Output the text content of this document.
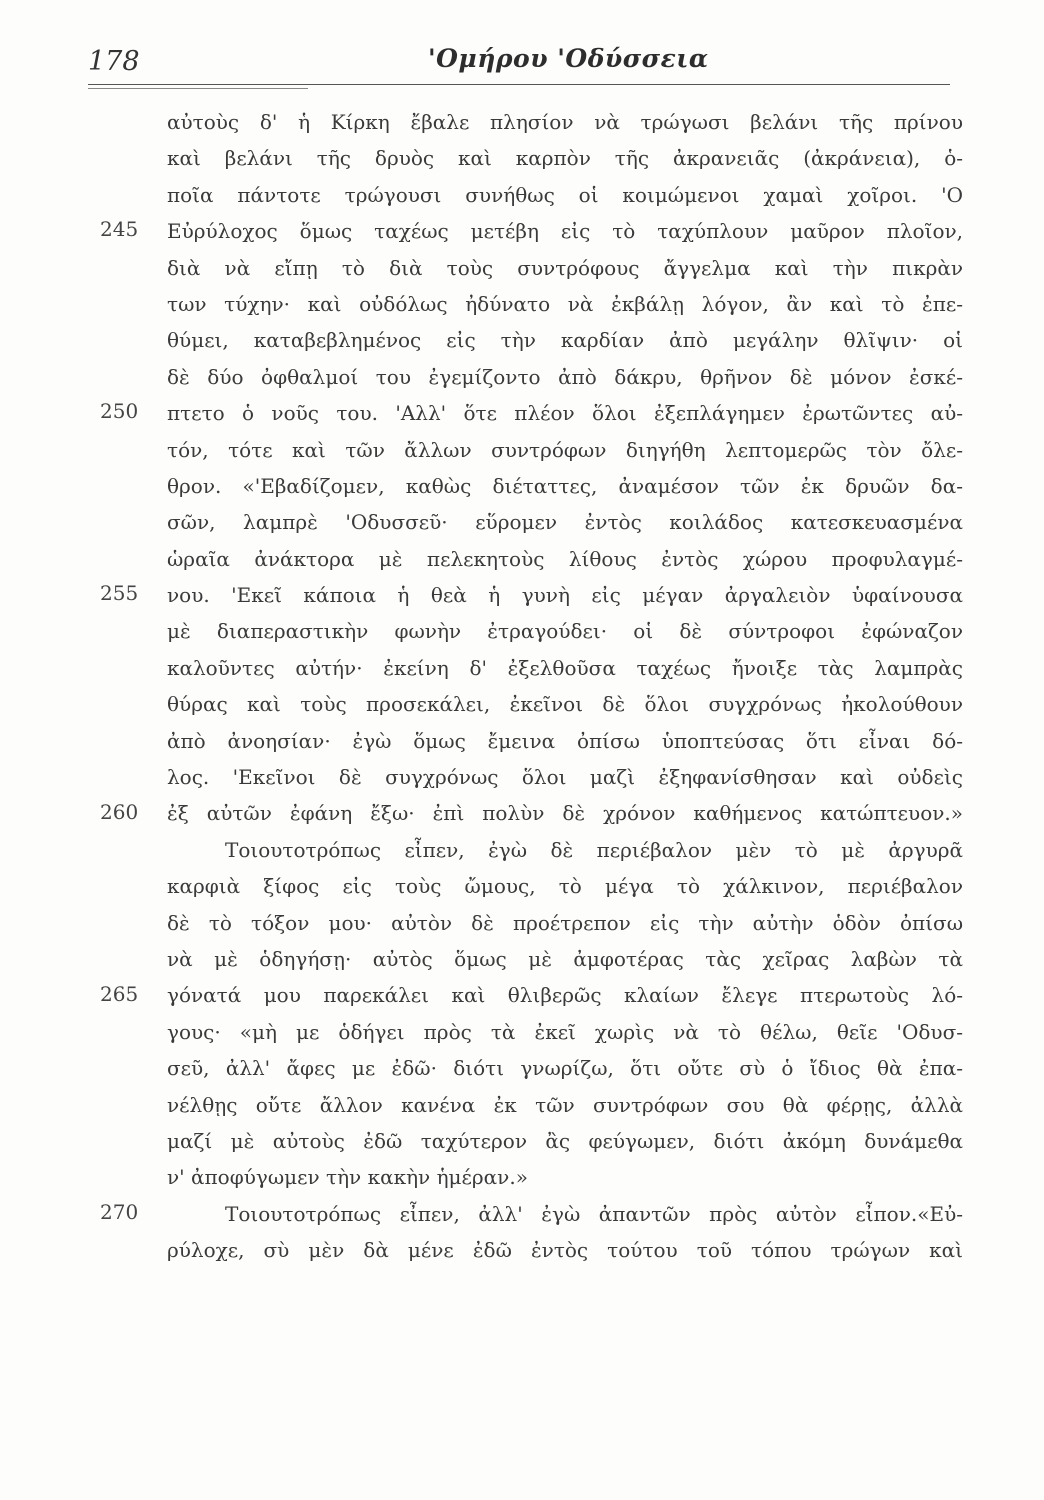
178	'Ομήρου 'Οδύσσεια
245
250
255
260
265
270
αὐτοὺς δ' ἡ Κίρκη ἔβαλε πλησίον νὰ τρώγωσι βελάνι τῆς πρίνου
καὶ βελάνι τῆς δρυὸς καὶ καρπὸν τῆς ἀκρανειᾶς (ἀκράνεια), ὁ-
ποῖα πάντοτε τρώγουσι συνήθως οἱ κοιμώμενοι χαμαὶ χοῖροι. 'Ο
Εὐρύλοχος ὅμως ταχέως μετέβη εἰς τὸ ταχύπλουν μαῦρον πλοῖον,
διὰ νὰ εἴπῃ τὸ διὰ τοὺς συντρόφους ἄγγελμα καὶ τὴν πικρὰν
των τύχην· καὶ οὐδόλως ἠδύνατο νὰ ἐκβάλῃ λόγον, ἂν καὶ τὸ ἐπε-
θύμει, καταβεβλημένος εἰς τὴν καρδίαν ἀπὸ μεγάλην θλῖψιν· οἱ
δὲ δύο ὀφθαλμοί του ἐγεμίζοντο ἀπὸ δάκρυ, θρῆνον δὲ μόνον ἐσκέ-
πτετο ὁ νοῦς του. 'Αλλ' ὅτε πλέον ὅλοι ἐξεπλάγημεν ἐρωτῶντες αὐ-
τόν, τότε καὶ τῶν ἄλλων συντρόφων διηγήθη λεπτομερῶς τὸν ὄλε-
θρον. «'Εβαδίζομεν, καθὼς διέταττες, ἀναμέσον τῶν ἐκ δρυῶν δα-
σῶν, λαμπρὲ 'Οδυσσεῦ· εὕρομεν ἐντὸς κοιλάδος κατεσκευασμένα
ὡραῖα ἀνάκτορα μὲ πελεκητοὺς λίθους ἐντὸς χώρου προφυλαγμέ-
νου. 'Εκεῖ κάποια ἡ θεὰ ἡ γυνὴ εἰς μέγαν ἀργαλειὸν ὑφαίνουσα
μὲ διαπεραστικὴν φωνὴν ἐτραγούδει· οἱ δὲ σύντροφοι ἐφώναζον
καλοῦντες αὐτήν· ἐκείνη δ' ἐξελθοῦσα ταχέως ἤνοιξε τὰς λαμπρὰς
θύρας καὶ τοὺς προσεκάλει, ἐκεῖνοι δὲ ὅλοι συγχρόνως ἠκολούθουν
ἀπὸ ἀνοησίαν· ἐγὼ ὅμως ἔμεινα ὀπίσω ὑποπτεύσας ὅτι εἶναι δό-
λος. 'Εκεῖνοι δὲ συγχρόνως ὅλοι μαζὶ ἐξηφανίσθησαν καὶ οὐδεὶς
ἐξ αὐτῶν ἐφάνη ἔξω· ἐπὶ πολὺν δὲ χρόνον καθήμενος κατώπτευον.»
Τοιουτοτρόπως εἶπεν, ἐγὼ δὲ περιέβαλον μὲν τὸ μὲ ἀργυρᾶ
καρφιὰ ξίφος εἰς τοὺς ὤμους, τὸ μέγα τὸ χάλκινον, περιέβαλον
δὲ τὸ τόξον μου· αὐτὸν δὲ προέτρεπον εἰς τὴν αὐτὴν ὁδὸν ὀπίσω
νὰ μὲ ὁδηγήσῃ· αὐτὸς ὅμως μὲ ἀμφοτέρας τὰς χεῖρας λαβὼν τὰ
γόνατά μου παρεκάλει καὶ θλιβερῶς κλαίων ἔλεγε πτερωτοὺς λό-
γους· «μὴ με ὁδήγει πρὸς τὰ ἐκεῖ χωρὶς νὰ τὸ θέλω, θεῖε 'Οδυσ-
σεῦ, ἀλλ' ἄφες με ἐδῶ· διότι γνωρίζω, ὅτι οὔτε σὺ ὁ ἴδιος θὰ ἐπα-
νέλθῃς οὔτε ἄλλον κανένα ἐκ τῶν συντρόφων σου θὰ φέρῃς, ἀλλὰ
μαζί μὲ αὐτοὺς ἐδῶ ταχύτερον ἂς φεύγωμεν, διότι ἀκόμη δυνάμεθα
ν' ἀποφύγωμεν τὴν κακὴν ἡμέραν.»
Τοιουτοτρόπως εἶπεν, ἀλλ' ἐγὼ ἀπαντῶν πρὸς αὐτὸν εἶπον.«Εὐ-
ρύλοχε, σὺ μὲν δὰ μένε ἐδῶ ἐντὸς τούτου τοῦ τόπου τρώγων καὶ
